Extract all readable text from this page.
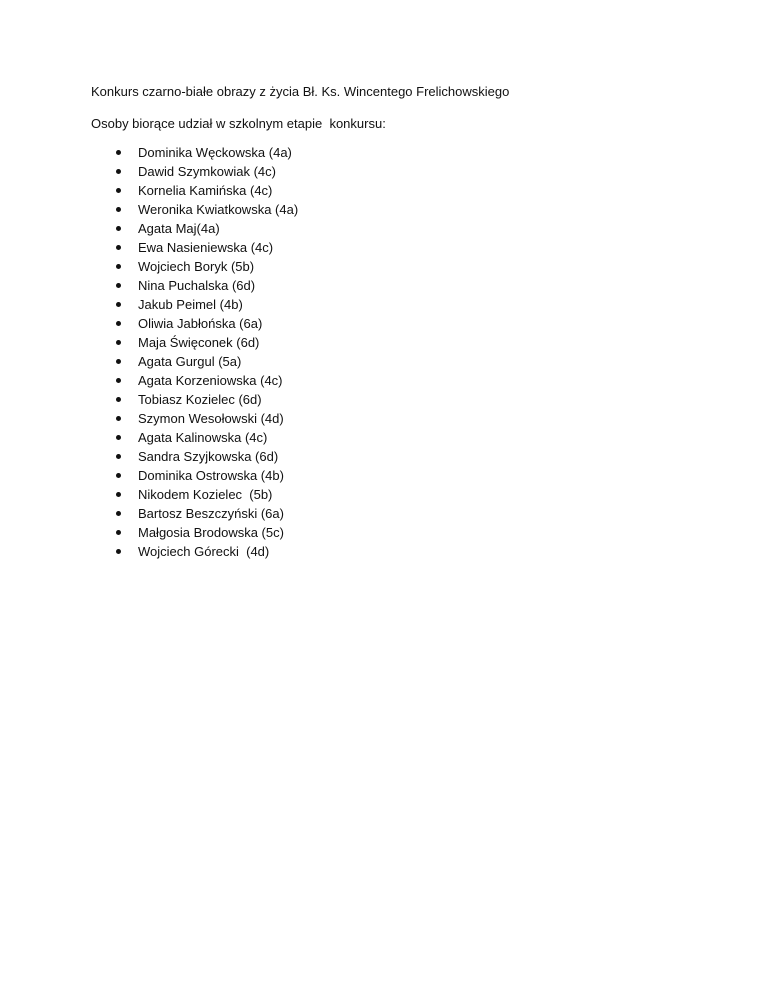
Konkurs czarno-białe obrazy z życia Bł. Ks. Wincentego Frelichowskiego

Osoby biorące udział w szkolnym etapie  konkursu:

Dominika Węckowska (4a)
Dawid Szymkowiak (4c)
Kornelia Kamińska (4c)
Weronika Kwiatkowska (4a)
Agata Maj(4a)
Ewa Nasieniewska (4c)
Wojciech Boryk (5b)
Nina Puchalska (6d)
Jakub Peimel (4b)
Oliwia Jabłońska (6a)
Maja Święconek (6d)
Agata Gurgul (5a)
Agata Korzeniowska (4c)
Tobiasz Kozielec (6d)
Szymon Wesołowski (4d)
Agata Kalinowska (4c)
Sandra Szyjkowska (6d)
Dominika Ostrowska (4b)
Nikodem Kozielec  (5b)
Bartosz Beszczyński (6a)
Małgosia Brodowska (5c)
Wojciech Górecki  (4d)
